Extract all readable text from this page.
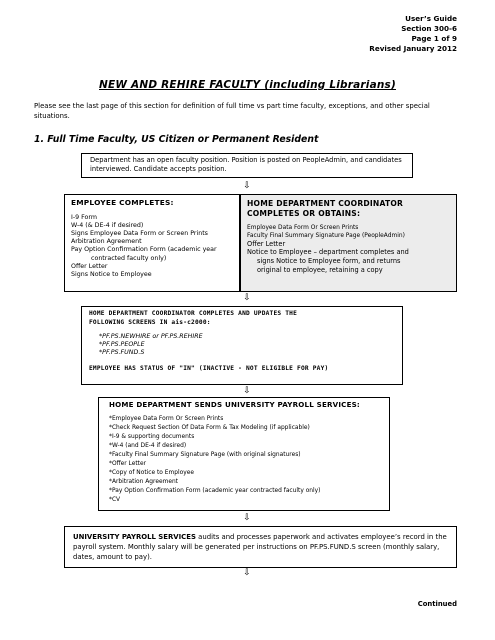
User’s Guide
Section 300-6
Page 1 of 9
Revised January 2012
NEW AND REHIRE FACULTY (including Librarians)
Please see the last page of this section for definition of full time vs part time faculty, exceptions, and other special situations.
1. Full Time Faculty, US Citizen or Permanent Resident
Department has an open faculty position. Position is posted on PeopleAdmin, and candidates interviewed. Candidate accepts position.
⇩
EMPLOYEE COMPLETES:
I-9 Form
W-4 (& DE-4 if desired)
Signs Employee Data Form or Screen Prints
Arbitration Agreement
Pay Option Confirmation Form (academic year
contracted faculty only)
Offer Letter
Signs Notice to Employee
HOME DEPARTMENT COORDINATOR
COMPLETES OR OBTAINS:
Employee Data Form Or Screen Prints
Faculty Final Summary Signature Page (PeopleAdmin)
Offer Letter
Notice to Employee – department completes and
signs Notice to Employee form, and returns
original to employee, retaining a copy
⇩
HOME DEPARTMENT COORDINATOR COMPLETES AND UPDATES THE
FOLLOWING SCREENS IN ais-c2000:
*PF.PS.NEWHIRE or PF.PS.REHIRE
*PF.PS.PEOPLE
*PF.PS.FUND.S
EMPLOYEE HAS STATUS OF "IN" (INACTIVE - NOT ELIGIBLE FOR PAY)
⇩
HOME DEPARTMENT SENDS UNIVERSITY PAYROLL SERVICES:
*Employee Data Form Or Screen Prints
*Check Request Section Of Data Form & Tax Modeling (if applicable)
*I-9 & supporting documents
*W-4 (and DE-4 if desired)
*Faculty Final Summary Signature Page (with original signatures)
*Offer Letter
*Copy of Notice to Employee
*Arbitration Agreement
*Pay Option Confirmation Form (academic year contracted faculty only)
*CV
⇩
UNIVERSITY PAYROLL SERVICES audits and processes paperwork and activates employee’s record in the payroll system. Monthly salary will be generated per instructions on PF.PS.FUND.S screen (monthly salary, dates, amount to pay).
⇩
Continued
